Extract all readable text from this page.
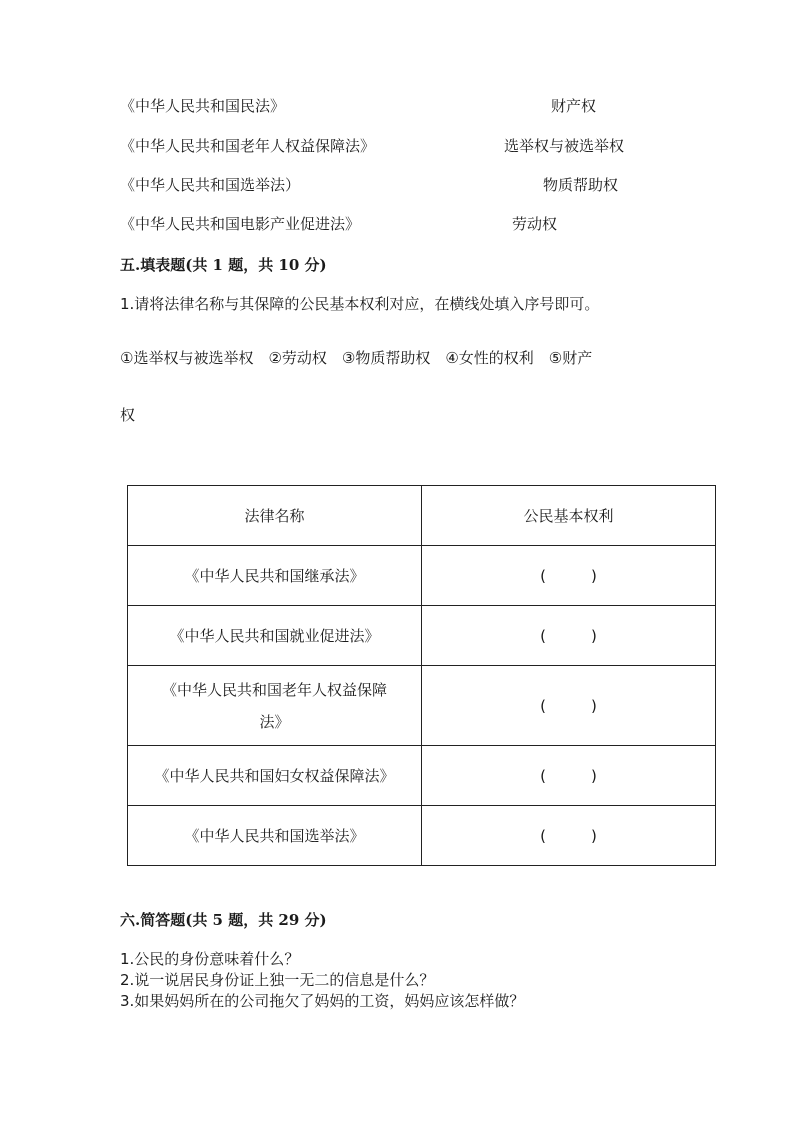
《中华人民共和国民法》	财产权
《中华人民共和国老年人权益保障法》	选举权与被选举权
《中华人民共和国选举法）	物质帮助权
《中华人民共和国电影产业促进法》	劳动权
五.填表题(共 1 题，共 10 分)
1.请将法律名称与其保障的公民基本权利对应，在横线处填入序号即可。
①选举权与被选举权　②劳动权　③物质帮助权　④女性的权利　⑤财产
权
法律名称	公民基本权利
《中华人民共和国继承法》	(　　　)
《中华人民共和国就业促进法》	(　　　)
《中华人民共和国老年人权益保障
法》	(　　　)
《中华人民共和国妇女权益保障法》	(　　　)
《中华人民共和国选举法》	(　　　)
六.简答题(共 5 题，共 29 分)
1.公民的身份意味着什么？
2.说一说居民身份证上独一无二的信息是什么？
3.如果妈妈所在的公司拖欠了妈妈的工资，妈妈应该怎样做？
